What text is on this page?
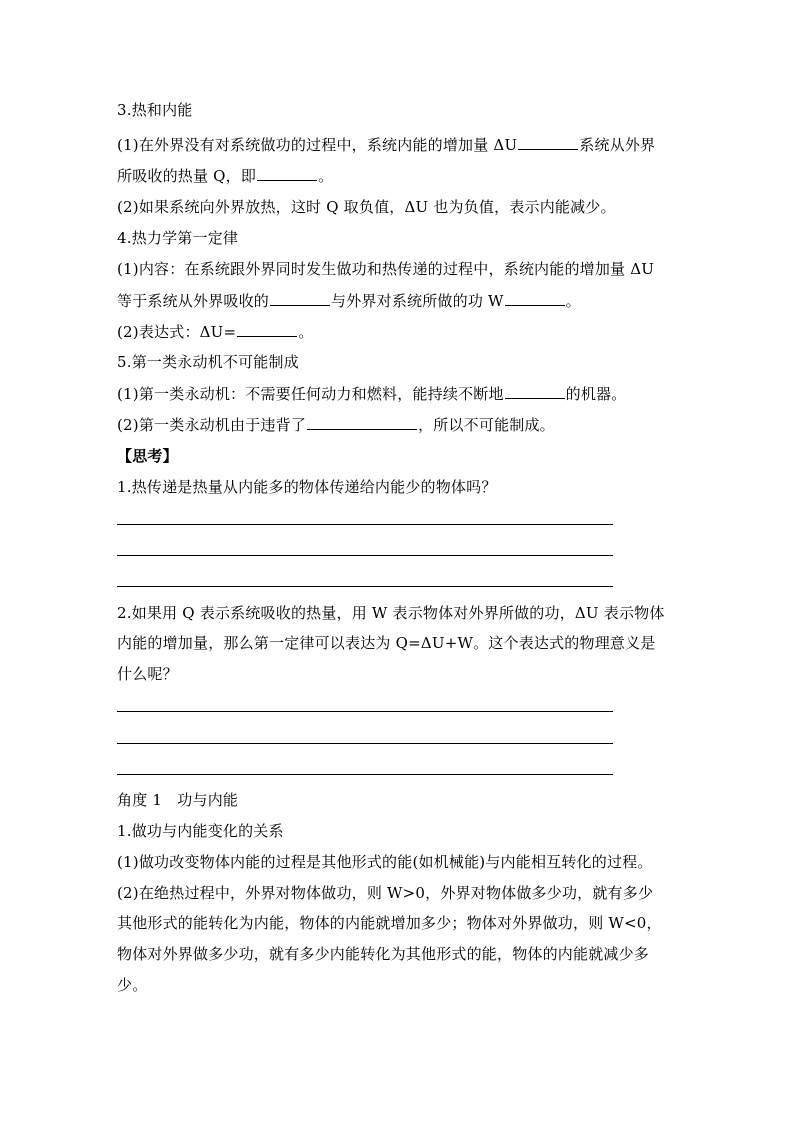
3.热和内能
(1)在外界没有对系统做功的过程中，系统内能的增加量 ΔU	系统从外界
所吸收的热量 Q，即	。
(2)如果系统向外界放热，这时 Q 取负值，ΔU 也为负值，表示内能减少。
4.热力学第一定律
(1)内容：在系统跟外界同时发生做功和热传递的过程中，系统内能的增加量 ΔU
等于系统从外界吸收的	与外界对系统所做的功 W	。
(2)表达式：ΔU=	。
5.第一类永动机不可能制成
(1)第一类永动机：不需要任何动力和燃料，能持续不断地	的机器。
(2)第一类永动机由于违背了	，所以不可能制成。
【思考】
1.热传递是热量从内能多的物体传递给内能少的物体吗？
2.如果用 Q 表示系统吸收的热量，用 W 表示物体对外界所做的功，ΔU 表示物体
内能的增加量，那么第一定律可以表达为 Q=ΔU+W。这个表达式的物理意义是
什么呢？
角度 1　功与内能
1.做功与内能变化的关系
(1)做功改变物体内能的过程是其他形式的能(如机械能)与内能相互转化的过程。
(2)在绝热过程中，外界对物体做功，则 W>0，外界对物体做多少功，就有多少
其他形式的能转化为内能，物体的内能就增加多少；物体对外界做功，则 W<0，
物体对外界做多少功，就有多少内能转化为其他形式的能，物体的内能就减少多
少。
